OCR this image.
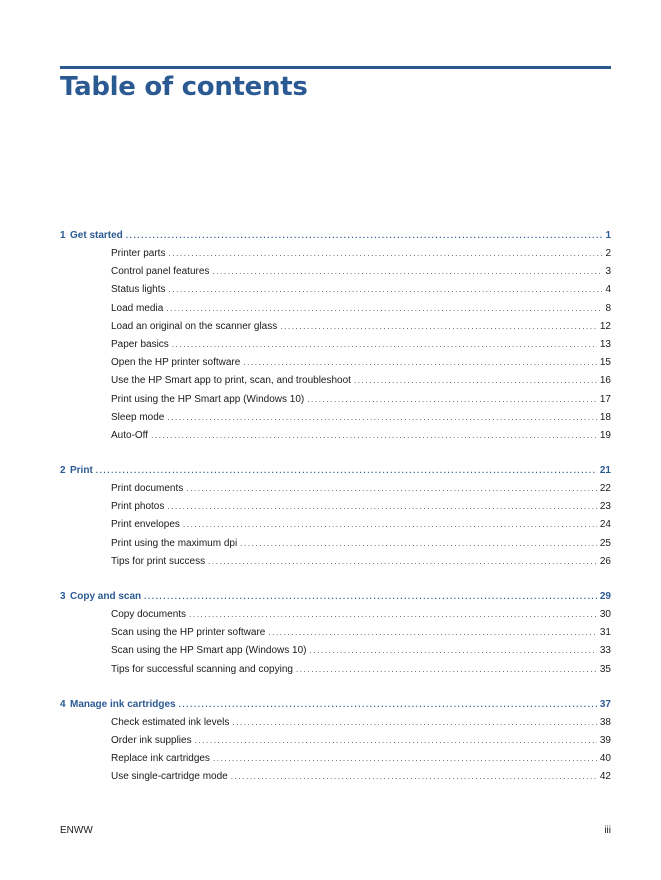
Table of contents
1 Get started .....	1
Printer parts .....	2
Control panel features .....	3
Status lights .....	4
Load media .....	8
Load an original on the scanner glass .....	12
Paper basics .....	13
Open the HP printer software .....	15
Use the HP Smart app to print, scan, and troubleshoot .....	16
Print using the HP Smart app (Windows 10) .....	17
Sleep mode .....	18
Auto-Off .....	19
2 Print .....	21
Print documents .....	22
Print photos .....	23
Print envelopes .....	24
Print using the maximum dpi .....	25
Tips for print success .....	26
3 Copy and scan .....	29
Copy documents .....	30
Scan using the HP printer software .....	31
Scan using the HP Smart app (Windows 10) .....	33
Tips for successful scanning and copying .....	35
4 Manage ink cartridges .....	37
Check estimated ink levels .....	38
Order ink supplies .....	39
Replace ink cartridges .....	40
Use single-cartridge mode .....	42
ENWW	iii
